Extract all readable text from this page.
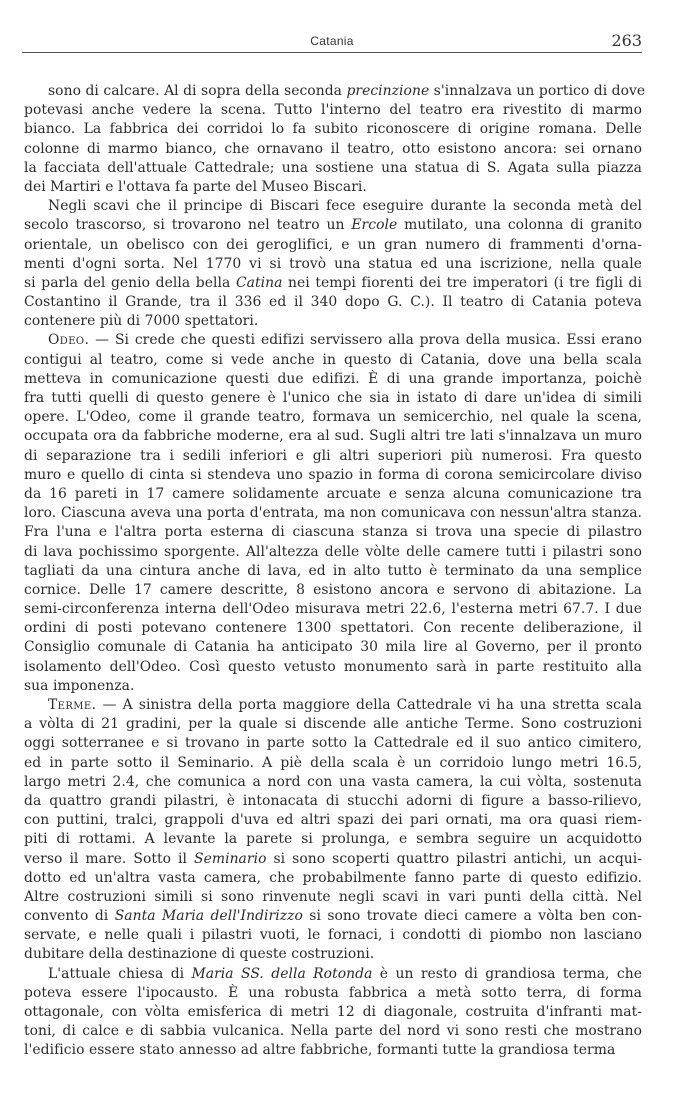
Catania	263
sono di calcare. Al di sopra della seconda precinzione s'innalzava un portico di dove
potevasi anche vedere la scena. Tutto l'interno del teatro era rivestito di marmo
bianco. La fabbrica dei corridoi lo fa subito riconoscere di origine romana. Delle
colonne di marmo bianco, che ornavano il teatro, otto esistono ancora: sei ornano
la facciata dell'attuale Cattedrale; una sostiene una statua di S. Agata sulla piazza
dei Martiri e l'ottava fa parte del Museo Biscari.
Negli scavi che il principe di Biscari fece eseguire durante la seconda metà del
secolo trascorso, si trovarono nel teatro un Ercole mutilato, una colonna di granito
orientale, un obelisco con dei geroglifici, e un gran numero di frammenti d'orna-
menti d'ogni sorta. Nel 1770 vi si trovò una statua ed una iscrizione, nella quale
si parla del genio della bella Catina nei tempi fiorenti dei tre imperatori (i tre figli di
Costantino il Grande, tra il 336 ed il 340 dopo G. C.). Il teatro di Catania poteva
contenere più di 7000 spettatori.
Odeo. — Si crede che questi edifizi servissero alla prova della musica. Essi erano
contigui al teatro, come si vede anche in questo di Catania, dove una bella scala
metteva in comunicazione questi due edifizi. È di una grande importanza, poichè
fra tutti quelli di questo genere è l'unico che sia in istato di dare un'idea di simili
opere. L'Odeo, come il grande teatro, formava un semicerchio, nel quale la scena,
occupata ora da fabbriche moderne, era al sud. Sugli altri tre lati s'innalzava un muro
di separazione tra i sedili inferiori e gli altri superiori più numerosi. Fra questo
muro e quello di cinta si stendeva uno spazio in forma di corona semicircolare diviso
da 16 pareti in 17 camere solidamente arcuate e senza alcuna comunicazione tra
loro. Ciascuna aveva una porta d'entrata, ma non comunicava con nessun'altra stanza.
Fra l'una e l'altra porta esterna di ciascuna stanza si trova una specie di pilastro
di lava pochissimo sporgente. All'altezza delle vòlte delle camere tutti i pilastri sono
tagliati da una cintura anche di lava, ed in alto tutto è terminato da una semplice
cornice. Delle 17 camere descritte, 8 esistono ancora e servono di abitazione. La
semi-circonferenza interna dell'Odeo misurava metri 22.6, l'esterna metri 67.7. I due
ordini di posti potevano contenere 1300 spettatori. Con recente deliberazione, il
Consiglio comunale di Catania ha anticipato 30 mila lire al Governo, per il pronto
isolamento dell'Odeo. Così questo vetusto monumento sarà in parte restituito alla
sua imponenza.
Terme. — A sinistra della porta maggiore della Cattedrale vi ha una stretta scala
a vòlta di 21 gradini, per la quale si discende alle antiche Terme. Sono costruzioni
oggi sotterranee e si trovano in parte sotto la Cattedrale ed il suo antico cimitero,
ed in parte sotto il Seminario. A piè della scala è un corridoio lungo metri 16.5,
largo metri 2.4, che comunica a nord con una vasta camera, la cui vòlta, sostenuta
da quattro grandi pilastri, è intonacata di stucchi adorni di figure a basso-rilievo,
con puttini, tralci, grappoli d'uva ed altri spazi dei pari ornati, ma ora quasi riem-
piti di rottami. A levante la parete si prolunga, e sembra seguire un acquidotto
verso il mare. Sotto il Seminario si sono scoperti quattro pilastri antichi, un acqui-
dotto ed un'altra vasta camera, che probabilmente fanno parte di questo edifizio.
Altre costruzioni simili si sono rinvenute negli scavi in vari punti della città. Nel
convento di Santa Maria dell'Indirizzo si sono trovate dieci camere a vòlta ben con-
servate, e nelle quali i pilastri vuoti, le fornaci, i condotti di piombo non lasciano
dubitare della destinazione di queste costruzioni.
L'attuale chiesa di Maria SS. della Rotonda è un resto di grandiosa terma, che
poteva essere l'ipocausto. È una robusta fabbrica a metà sotto terra, di forma
ottagonale, con vòlta emisferica di metri 12 di diagonale, costruita d'infranti mat-
toni, di calce e di sabbia vulcanica. Nella parte del nord vi sono resti che mostrano
l'edificio essere stato annesso ad altre fabbriche, formanti tutte la grandiosa terma
